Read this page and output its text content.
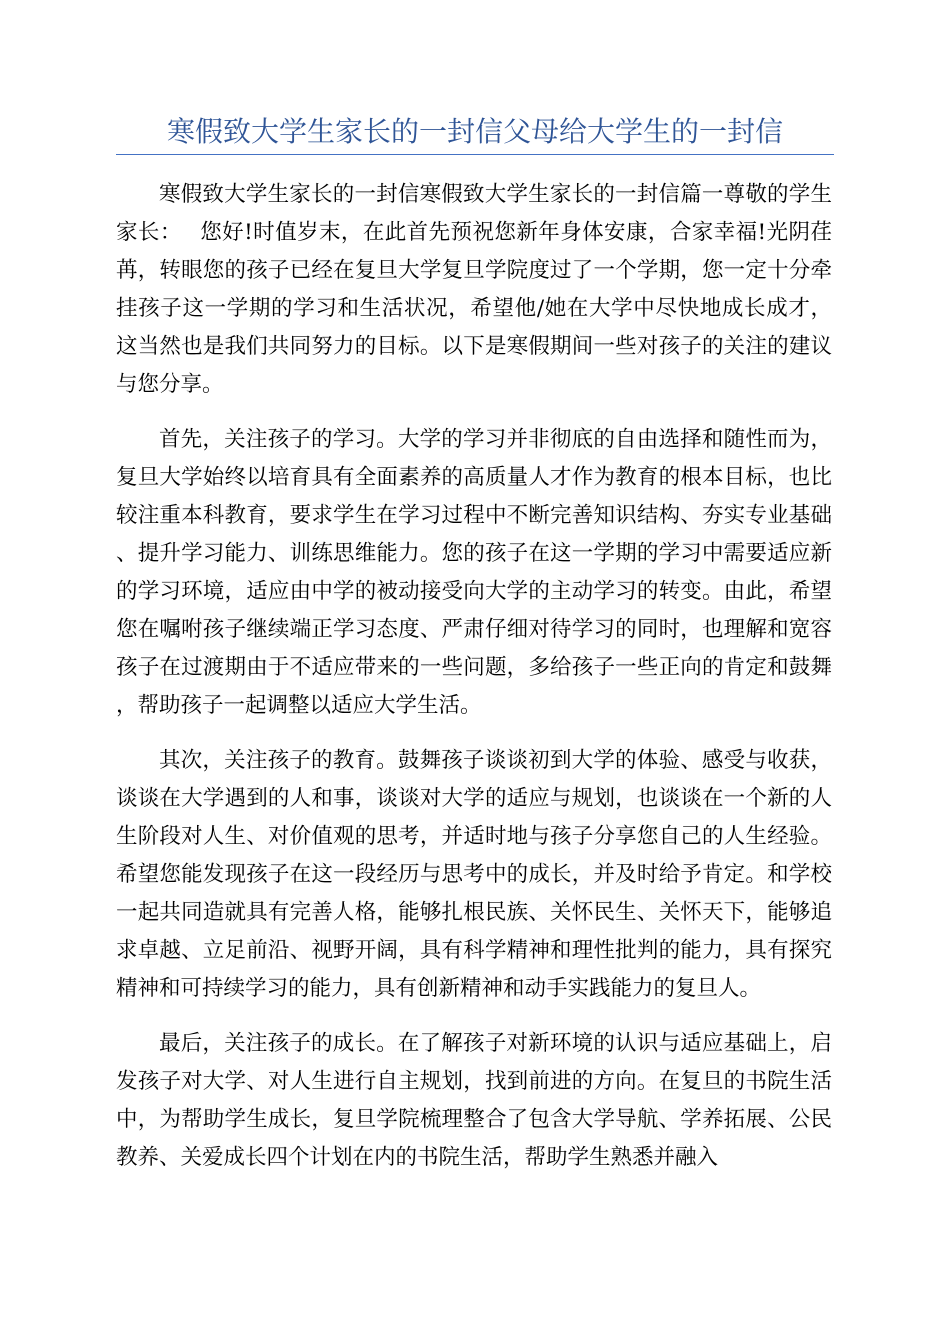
寒假致大学生家长的一封信父母给大学生的一封信

寒假致大学生家长的一封信寒假致大学生家长的一封信篇一尊敬的学生家长：　 您好!时值岁末，在此首先预祝您新年身体安康，合家幸福!光阴荏苒，转眼您的孩子已经在复旦大学复旦学院度过了一个学期，您一定十分牵挂孩子这一学期的学习和生活状况，希望他/她在大学中尽快地成长成才，这当然也是我们共同努力的目标。以下是寒假期间一些对孩子的关注的建议与您分享。

首先，关注孩子的学习。大学的学习并非彻底的自由选择和随性而为，复旦大学始终以培育具有全面素养的高质量人才作为教育的根本目标，也比较注重本科教育，要求学生在学习过程中不断完善知识结构、夯实专业基础、提升学习能力、训练思维能力。您的孩子在这一学期的学习中需要适应新的学习环境，适应由中学的被动接受向大学的主动学习的转变。由此，希望您在嘱咐孩子继续端正学习态度、严肃仔细对待学习的同时，也理解和宽容孩子在过渡期由于不适应带来的一些问题，多给孩子一些正向的肯定和鼓舞，帮助孩子一起调整以适应大学生活。

其次，关注孩子的教育。鼓舞孩子谈谈初到大学的体验、感受与收获，谈谈在大学遇到的人和事，谈谈对大学的适应与规划，也谈谈在一个新的人生阶段对人生、对价值观的思考，并适时地与孩子分享您自己的人生经验。希望您能发现孩子在这一段经历与思考中的成长，并及时给予肯定。和学校一起共同造就具有完善人格，能够扎根民族、关怀民生、关怀天下，能够追求卓越、立足前沿、视野开阔，具有科学精神和理性批判的能力，具有探究精神和可持续学习的能力，具有创新精神和动手实践能力的复旦人。

最后，关注孩子的成长。在了解孩子对新环境的认识与适应基础上，启发孩子对大学、对人生进行自主规划，找到前进的方向。在复旦的书院生活中，为帮助学生成长，复旦学院梳理整合了包含大学导航、学养拓展、公民教养、关爱成长四个计划在内的书院生活，帮助学生熟悉并融入
